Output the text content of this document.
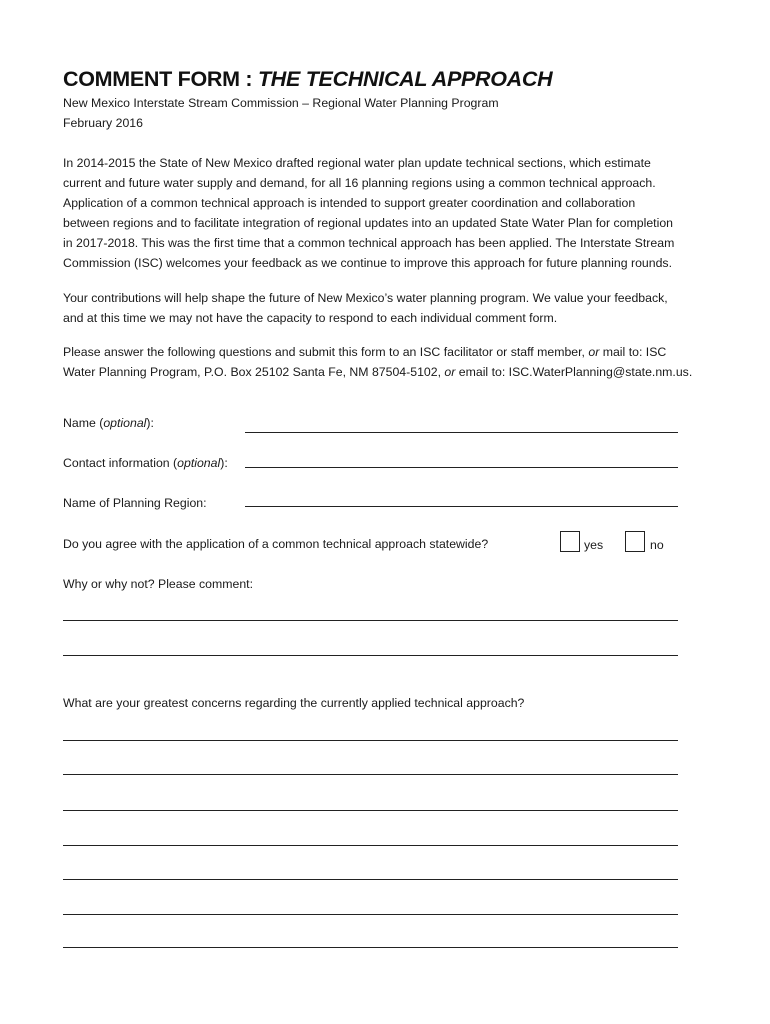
COMMENT FORM : THE TECHNICAL APPROACH
New Mexico Interstate Stream Commission – Regional Water Planning Program
February 2016
In 2014-2015 the State of New Mexico drafted regional water plan update technical sections, which estimate
current and future water supply and demand, for all 16 planning regions using a common technical approach.
Application of a common technical approach is intended to support greater coordination and collaboration
between regions and to facilitate integration of regional updates into an updated State Water Plan for completion
in 2017-2018. This was the first time that a common technical approach has been applied. The Interstate Stream
Commission (ISC) welcomes your feedback as we continue to improve this approach for future planning rounds.
Your contributions will help shape the future of New Mexico’s water planning program. We value your feedback,
and at this time we may not have the capacity to respond to each individual comment form.
Please answer the following questions and submit this form to an ISC facilitator or staff member, or mail to: ISC
Water Planning Program, P.O. Box 25102 Santa Fe, NM 87504-5102, or email to: ISC.WaterPlanning@state.nm.us.
Name (optional):
Contact information (optional):
Name of Planning Region:
Do you agree with the application of a common technical approach statewide?	yes	no
Why or why not? Please comment:
What are your greatest concerns regarding the currently applied technical approach?
